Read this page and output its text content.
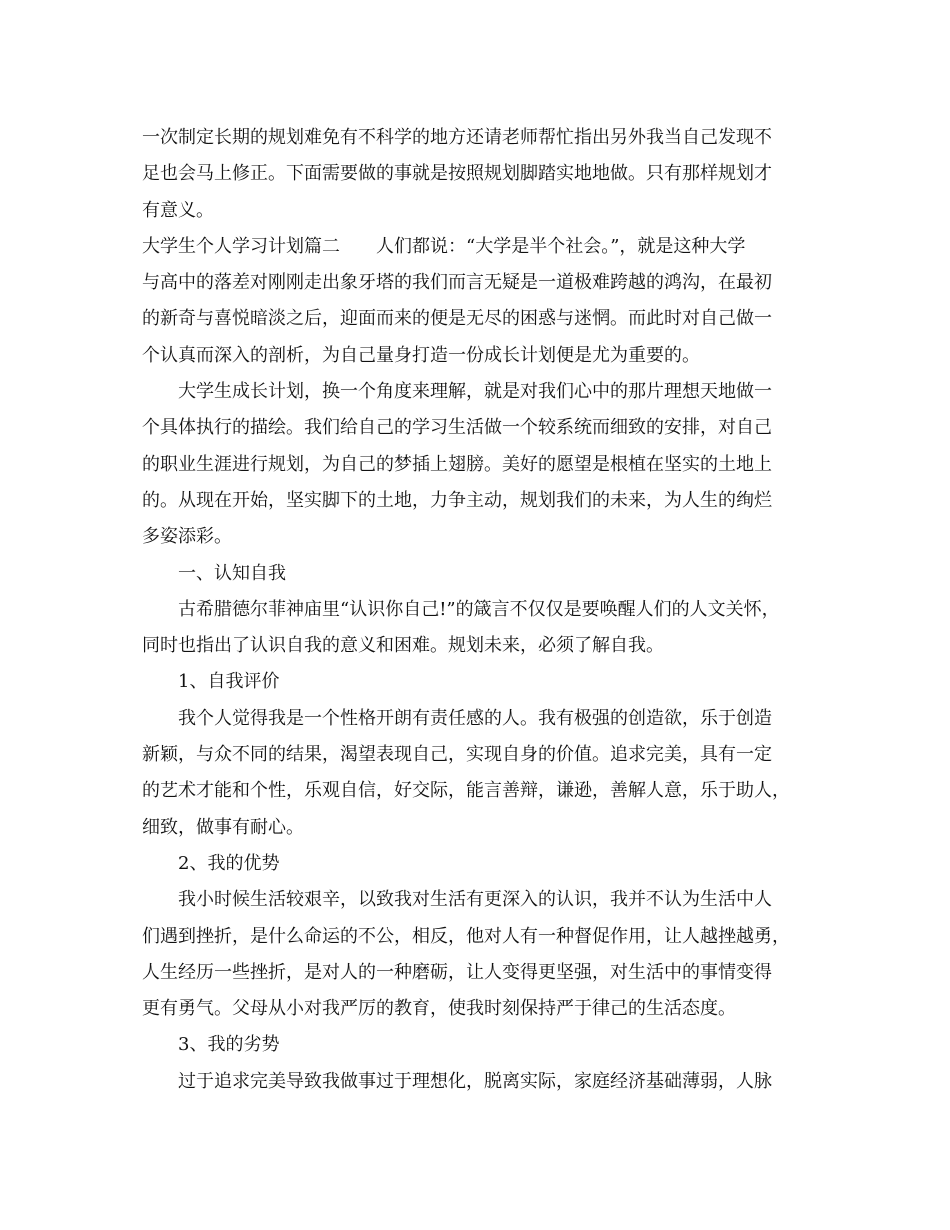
一次制定长期的规划难免有不科学的地方还请老师帮忙指出另外我当自己发现不
足也会马上修正。下面需要做的事就是按照规划脚踏实地地做。只有那样规划才
有意义。
大学生个人学习计划篇二　　人们都说：“大学是半个社会。”，就是这种大学
与高中的落差对刚刚走出象牙塔的我们而言无疑是一道极难跨越的鸿沟，在最初
的新奇与喜悦暗淡之后，迎面而来的便是无尽的困惑与迷惘。而此时对自己做一
个认真而深入的剖析，为自己量身打造一份成长计划便是尤为重要的。
大学生成长计划，换一个角度来理解，就是对我们心中的那片理想天地做一
个具体执行的描绘。我们给自己的学习生活做一个较系统而细致的安排，对自己
的职业生涯进行规划，为自己的梦插上翅膀。美好的愿望是根植在坚实的土地上
的。从现在开始，坚实脚下的土地，力争主动，规划我们的未来，为人生的绚烂
多姿添彩。
一、认知自我
古希腊德尔菲神庙里“认识你自己!”的箴言不仅仅是要唤醒人们的人文关怀，
同时也指出了认识自我的意义和困难。规划未来，必须了解自我。
1、自我评价
我个人觉得我是一个性格开朗有责任感的人。我有极强的创造欲，乐于创造
新颖，与众不同的结果，渴望表现自己，实现自身的价值。追求完美，具有一定
的艺术才能和个性，乐观自信，好交际，能言善辩，谦逊，善解人意，乐于助人，
细致，做事有耐心。
2、我的优势
我小时候生活较艰辛，以致我对生活有更深入的认识，我并不认为生活中人
们遇到挫折，是什么命运的不公，相反，他对人有一种督促作用，让人越挫越勇，
人生经历一些挫折，是对人的一种磨砺，让人变得更坚强，对生活中的事情变得
更有勇气。父母从小对我严厉的教育，使我时刻保持严于律己的生活态度。
3、我的劣势
过于追求完美导致我做事过于理想化，脱离实际，家庭经济基础薄弱，人脉
